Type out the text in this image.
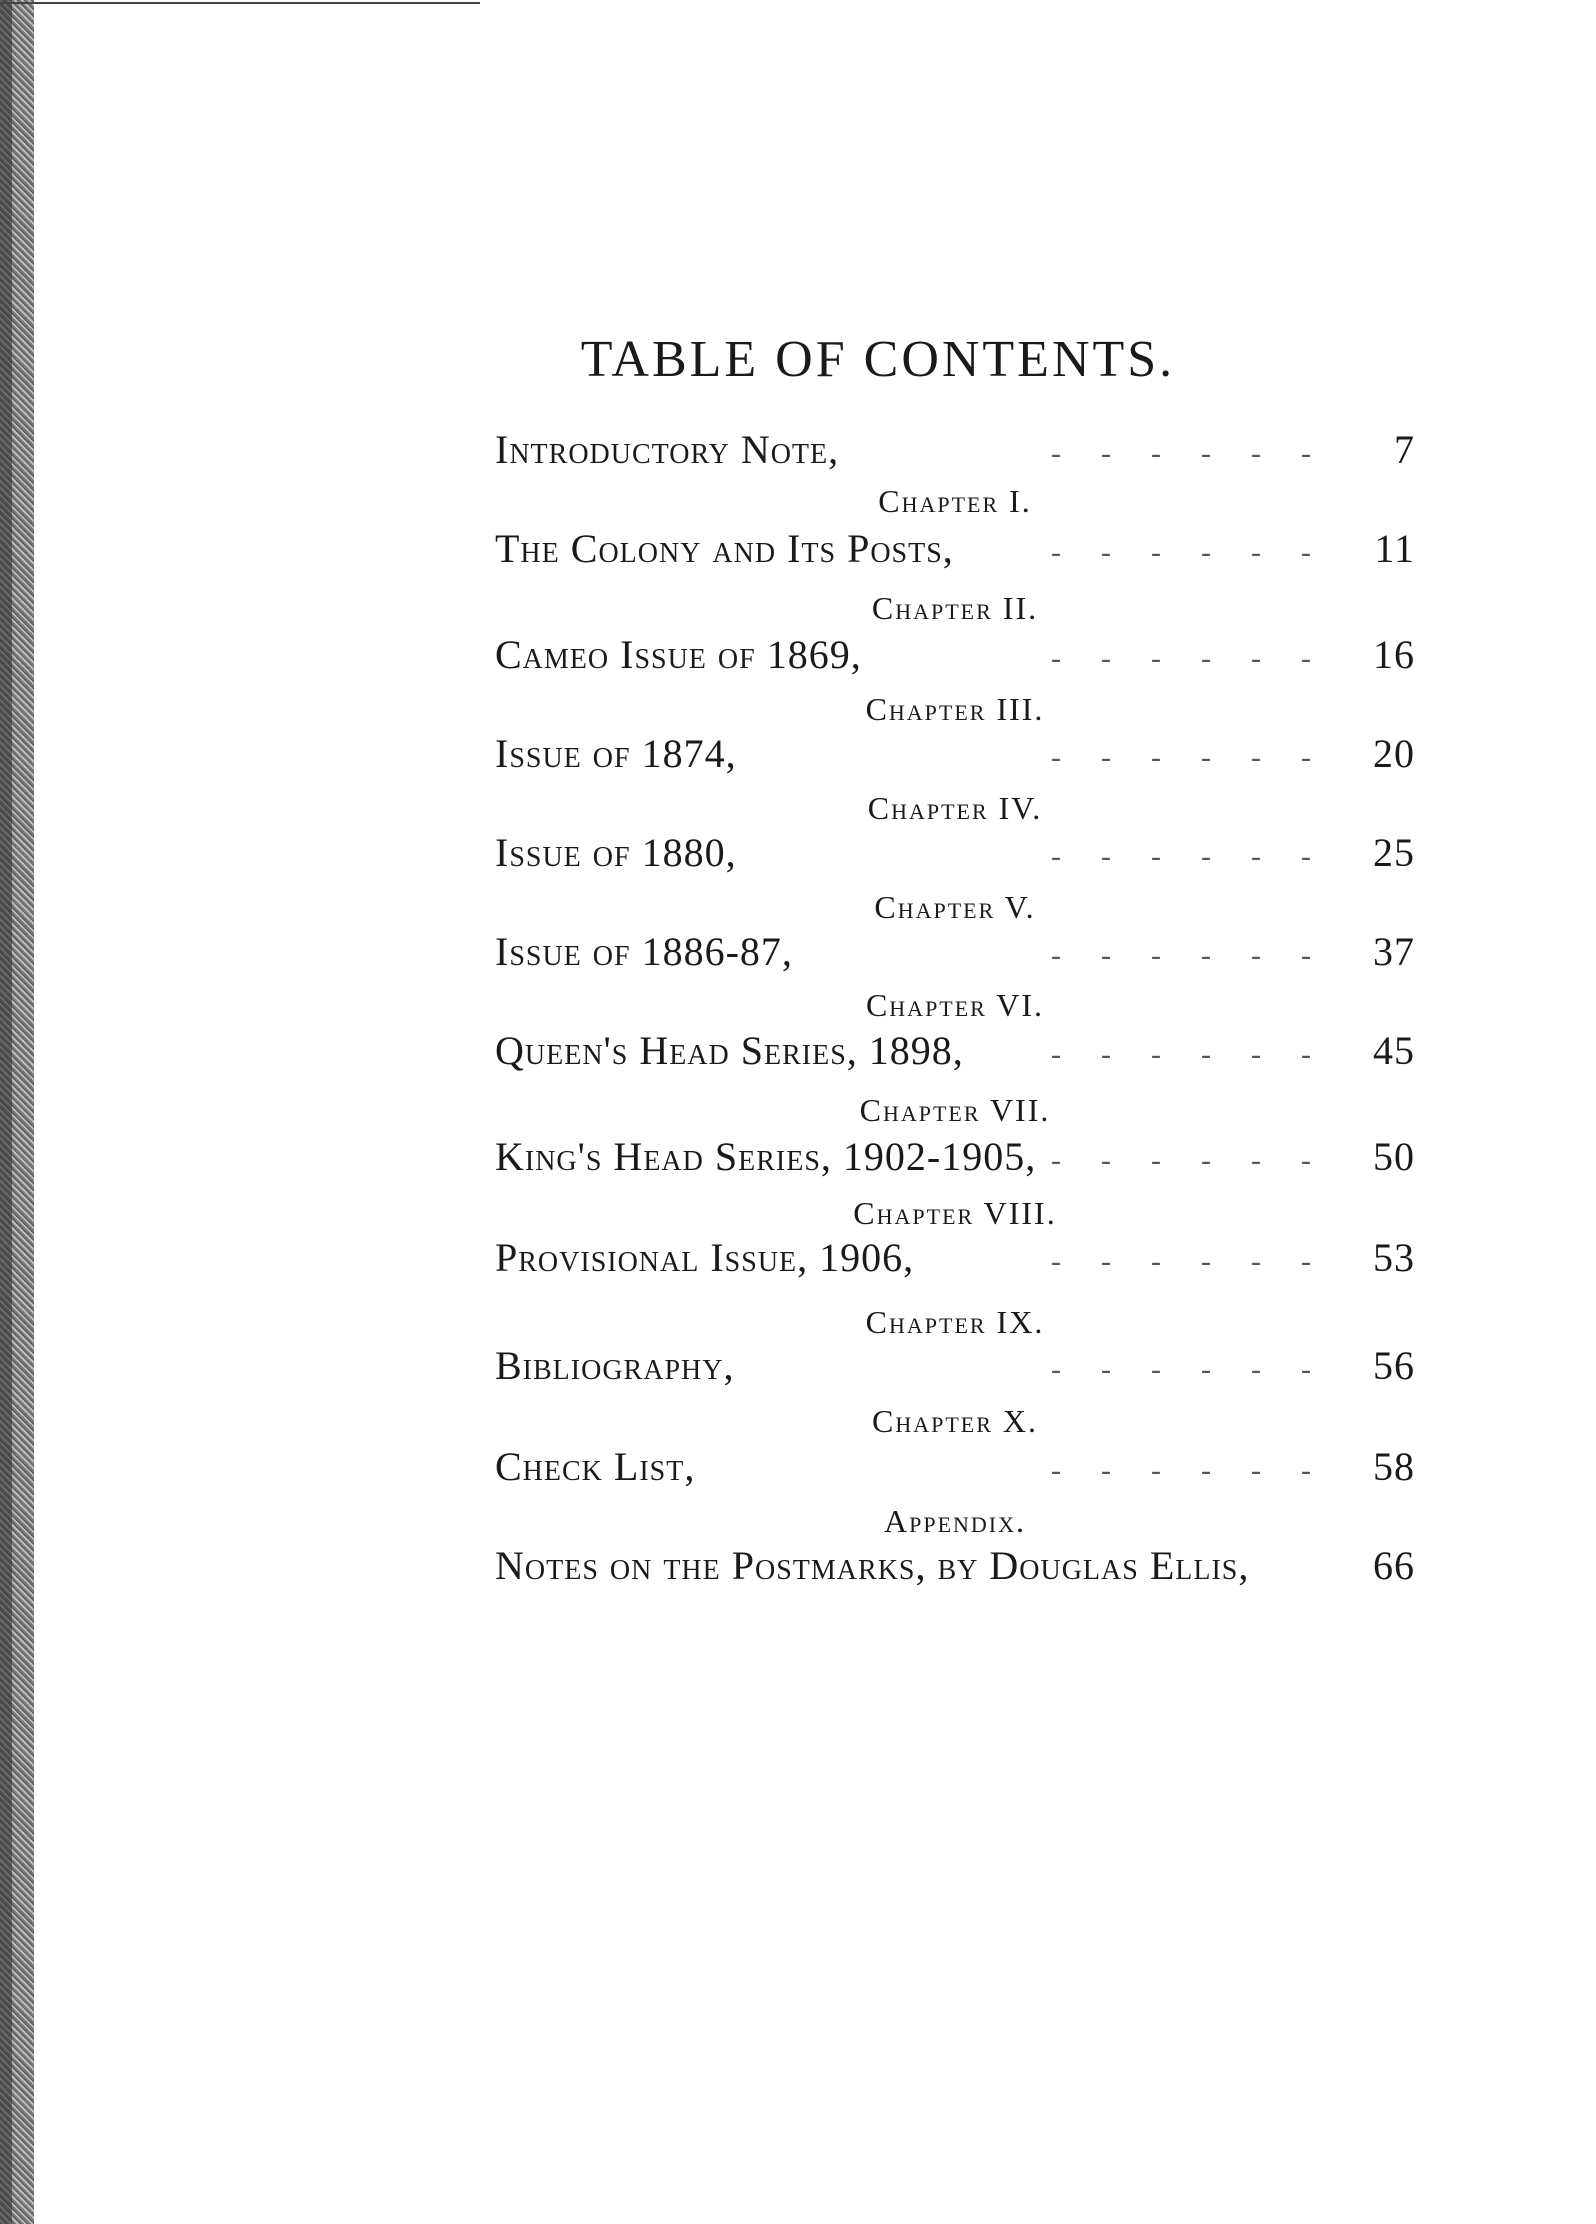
TABLE OF CONTENTS.
Introductory Note,	------	7
Chapter I.
The Colony and Its Posts,	------ 11
Chapter II.
Cameo Issue of 1869,	------ 16
Chapter III.
Issue of 1874,	------ 20
Chapter IV.
Issue of 1880,	------ 25
Chapter V.
Issue of 1886-87,	------ 37
Chapter VI.
Queen's Head Series, 1898,	------ 45
Chapter VII.
King's Head Series, 1902-1905, ------ 50
Chapter VIII.
Provisional Issue, 1906,	------ 53
Chapter IX.
Bibliography,	------ 56
Chapter X.
Check List,	------ 58
Appendix.
Notes on the Postmarks, by Douglas Ellis,	66
